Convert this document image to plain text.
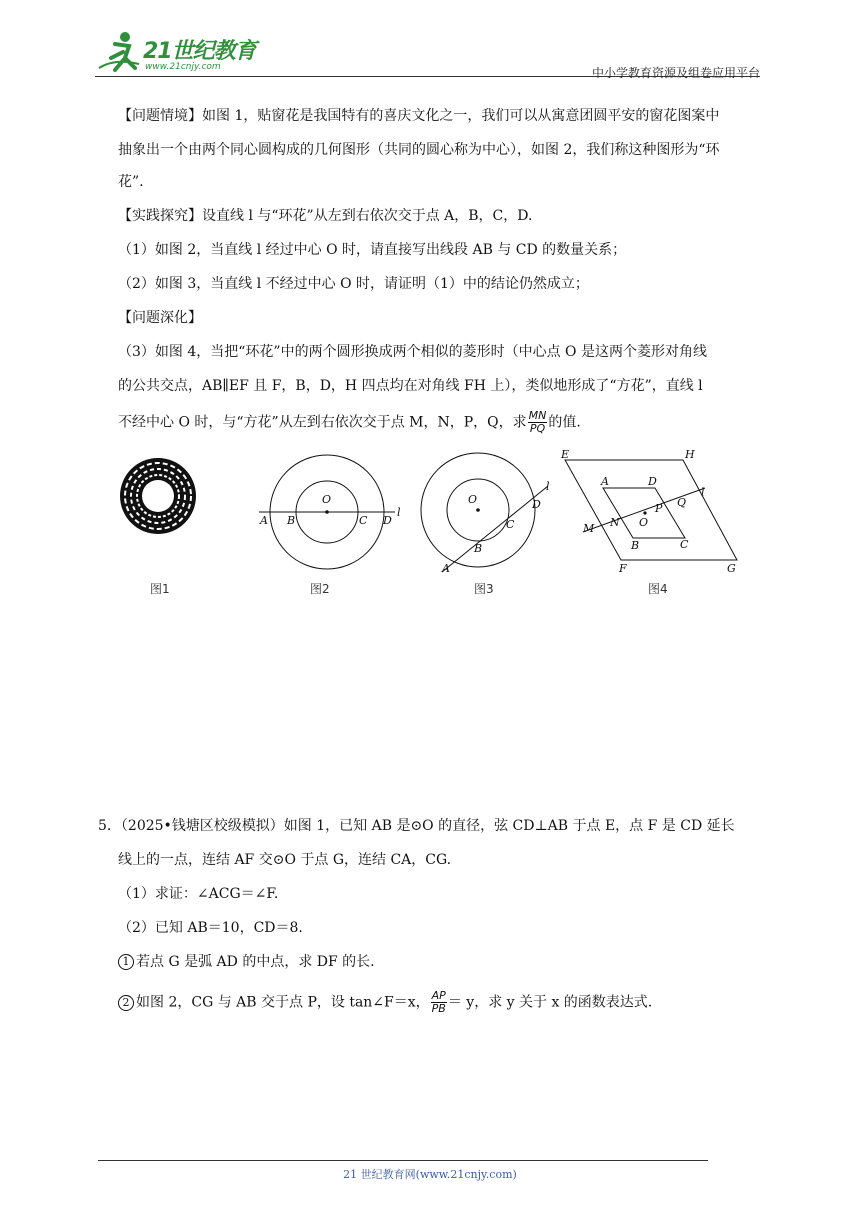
21世纪教育
www.21cnjy.com	中小学教育资源及组卷应用平台
【问题情境】如图 1，贴窗花是我国特有的喜庆文化之一，我们可以从寓意团圆平安的窗花图案中
抽象出一个由两个同心圆构成的几何图形（共同的圆心称为中心），如图 2，我们称这种图形为“环
花”.
【实践探究】设直线 l 与“环花”从左到右依次交于点 A，B，C，D.
（1）如图 2，当直线 l 经过中心 O 时，请直接写出线段 AB 与 CD 的数量关系；
（2）如图 3，当直线 l 不经过中心 O 时，请证明（1）中的结论仍然成立；
【问题深化】
（3）如图 4，当把“环花”中的两个圆形换成两个相似的菱形时（中心点 O 是这两个菱形对角线
的公共交点，AB∥EF 且 F，B，D，H 四点均在对角线 FH 上），类似地形成了“方花”，直线 l
不经中心 O 时，与“方花”从左到右依次交于点 M，N，P，Q，求 $\frac{MN}{PQ}$ 的值.
图1
O
A B	C D
l
图2
O
l
D
C
B
A
图3
E	H
A	D
l
Q
P
M N O
B	C
F	G
图4
5．（2025•钱塘区校级模拟）如图 1，已知 AB 是⊙O 的直径，弦 CD⊥AB 于点 E，点 F 是 CD 延长
线上的一点，连结 AF 交⊙O 于点 G，连结 CA，CG.
（1）求证：∠ACG＝∠F.
（2）已知 AB＝10，CD＝8.
1 若点 G 是弧 AD 的中点，求 DF 的长.
2 如图 2，CG 与 AB 交于点 P，设 tan∠F＝x， $\frac{AP}{PB} = y$，求 y 关于 x 的函数表达式.
21 世纪教育网(www.21cnjy.com)
